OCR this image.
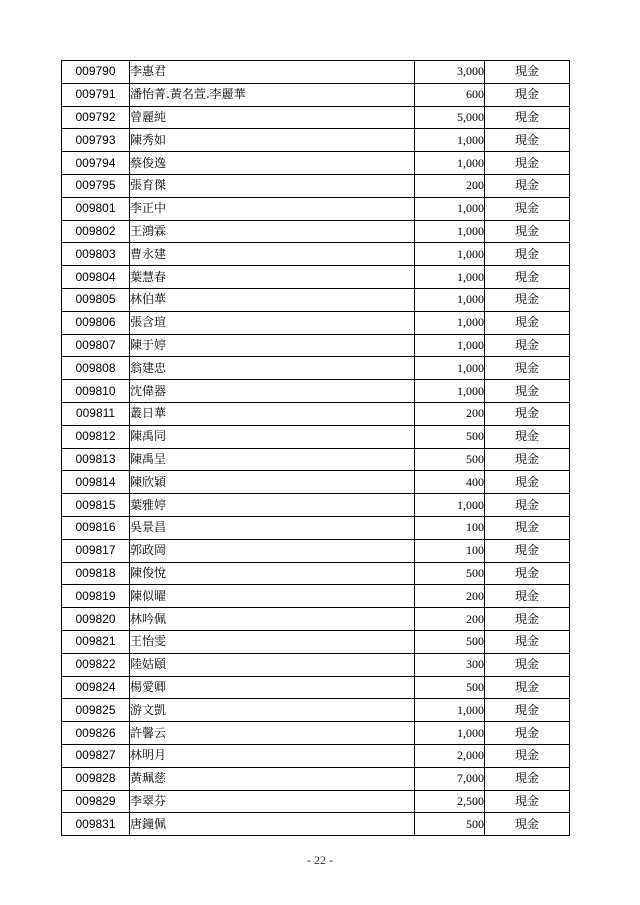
009790	李惠君	3,000	現金
009791	潘怡菁.黃名萱.李麗華	600	現金
009792	曾麗純	5,000	現金
009793	陳秀如	1,000	現金
009794	蔡俊逸	1,000	現金
009795	張育傑	200	現金
009801	李正中	1,000	現金
009802	王鴻霖	1,000	現金
009803	曹永建	1,000	現金
009804	葉慧春	1,000	現金
009805	林伯華	1,000	現金
009806	張含瑄	1,000	現金
009807	陳于婷	1,000	現金
009808	翁建忠	1,000	現金
009810	沈偉器	1,000	現金
009811	叢日華	200	現金
009812	陳禹同	500	現金
009813	陳禹呈	500	現金
009814	陳欣穎	400	現金
009815	葉雅婷	1,000	現金
009816	吳景昌	100	現金
009817	郭政岡	100	現金
009818	陳俊悅	500	現金
009819	陳似曜	200	現金
009820	林吟佩	200	現金
009821	王怡雯	500	現金
009822	陸姑頤	300	現金
009824	楊愛卿	500	現金
009825	游文凱	1,000	現金
009826	許馨云	1,000	現金
009827	林明月	2,000	現金
009828	黃珮慈	7,000	現金
009829	李翠芬	2,500	現金
009831	唐鐘佩	500	現金
- 22 -
